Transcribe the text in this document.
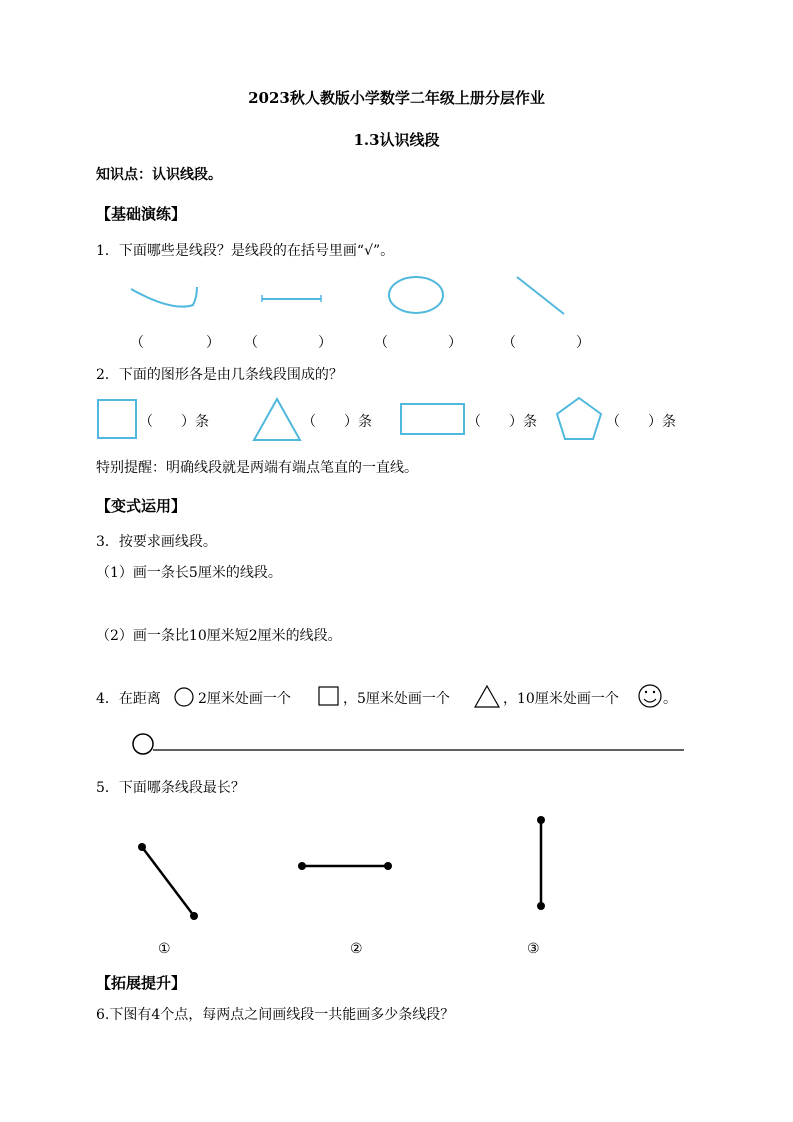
2023秋人教版小学数学二年级上册分层作业
1.3认识线段
知识点：认识线段。
【基础演练】
1．下面哪些是线段？是线段的在括号里画“√”。
（	） （	）	（	）	（	）
2．下面的图形各是由几条线段围成的？
（　　）条	（　　）条	（　　）条	（　　）条
特别提醒：明确线段就是两端有端点笔直的一直线。
【变式运用】
3．按要求画线段。
（1）画一条长5厘米的线段。
（2）画一条比10厘米短2厘米的线段。
4．在距离	2厘米处画一个	，5厘米处画一个	，10厘米处画一个	。
5．下面哪条线段最长？
①	②	③
【拓展提升】
6.下图有4个点，每两点之间画线段一共能画多少条线段？
